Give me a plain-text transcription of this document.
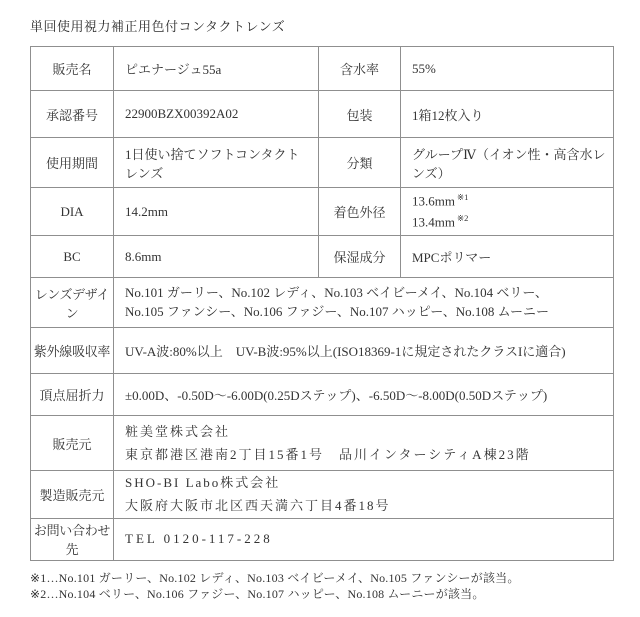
単回使用視力補正用色付コンタクトレンズ
販売名	ピエナージュ55a	含水率	55%
承認番号	22900BZX00392A02	包装	1箱12枚入り
使用期間	1日使い捨てソフトコンタクトレンズ	分類	グループⅣ（イオン性・高含水レンズ）
DIA	14.2mm	着色外径	13.6mm $^{※1}$
13.4mm $^{※2}$

BC	8.6mm	保湿成分	MPCポリマー
レンズデザイン	No.101 ガーリー、No.102 レディ、No.103 ベイビーメイ、No.104 ベリー、
No.105 ファンシー、No.106 ファジー、No.107 ハッピー、No.108 ムーニー		

紫外線吸収率	UV-A波:80%以上　UV-B波:95%以上(ISO18369-1に規定されたクラスIに適合)		
頂点屈折力	±0.00D、-0.50D～-6.00D(0.25Dステップ)、-6.50D～-8.00D(0.50Dステップ)		
販売元	粧美堂株式会社
東京都港区港南2丁目15番1号　品川インターシティA棟23階		

製造販売元	SHO-BI Labo株式会社
大阪府大阪市北区西天満六丁目4番18号		

お問い合わせ先	TEL 0120-117-228		
※1…No.101 ガーリー、No.102 レディ、No.103 ベイビーメイ、No.105 ファンシーが該当。
※2…No.104 ベリー、No.106 ファジー、No.107 ハッピー、No.108 ムーニーが該当。
